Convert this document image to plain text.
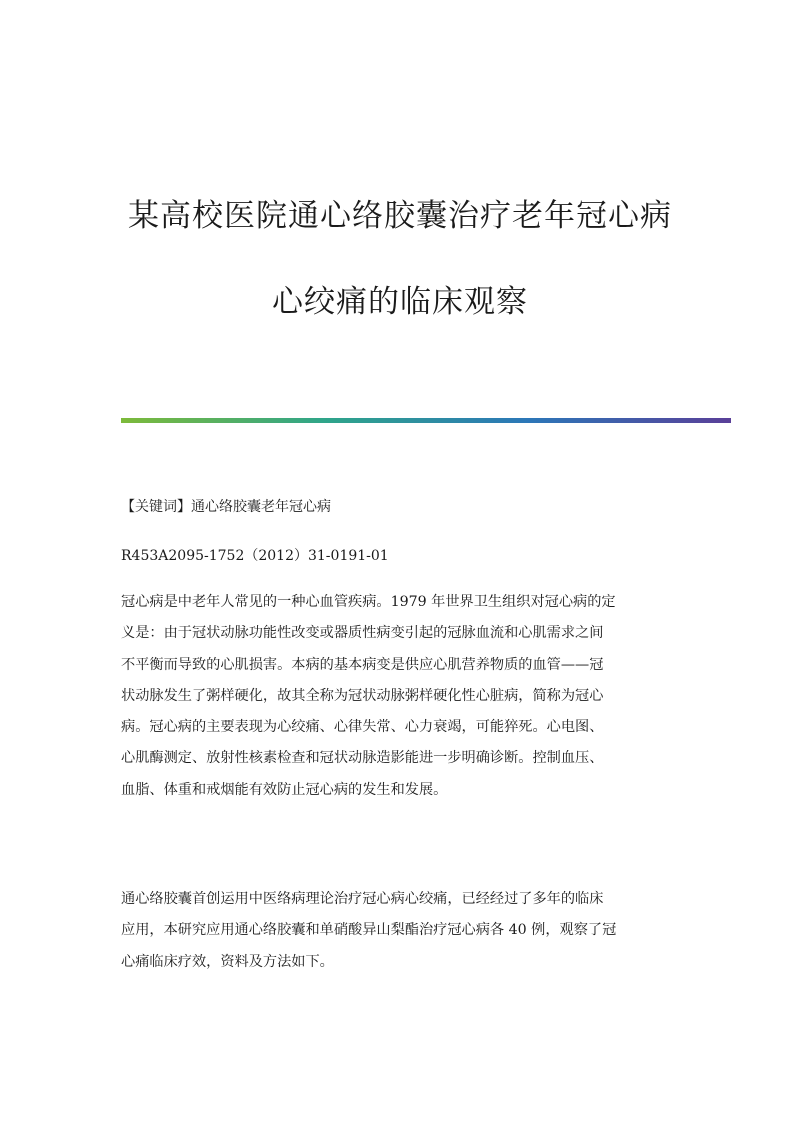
某高校医院通心络胶囊治疗老年冠心病
心绞痛的临床观察

【关键词】通心络胶囊老年冠心病

R453A2095-1752（2012）31-0191-01

冠心病是中老年人常见的一种心血管疾病。1979 年世界卫生组织对冠心病的定
义是：由于冠状动脉功能性改变或器质性病变引起的冠脉血流和心肌需求之间
不平衡而导致的心肌损害。本病的基本病变是供应心肌营养物质的血管——冠
状动脉发生了粥样硬化，故其全称为冠状动脉粥样硬化性心脏病，简称为冠心
病。冠心病的主要表现为心绞痛、心律失常、心力衰竭，可能猝死。心电图、
心肌酶测定、放射性核素检查和冠状动脉造影能进一步明确诊断。控制血压、
血脂、体重和戒烟能有效防止冠心病的发生和发展。

通心络胶囊首创运用中医络病理论治疗冠心病心绞痛，已经经过了多年的临床
应用，本研究应用通心络胶囊和单硝酸异山梨酯治疗冠心病各 40 例，观察了冠
心痛临床疗效，资料及方法如下。
